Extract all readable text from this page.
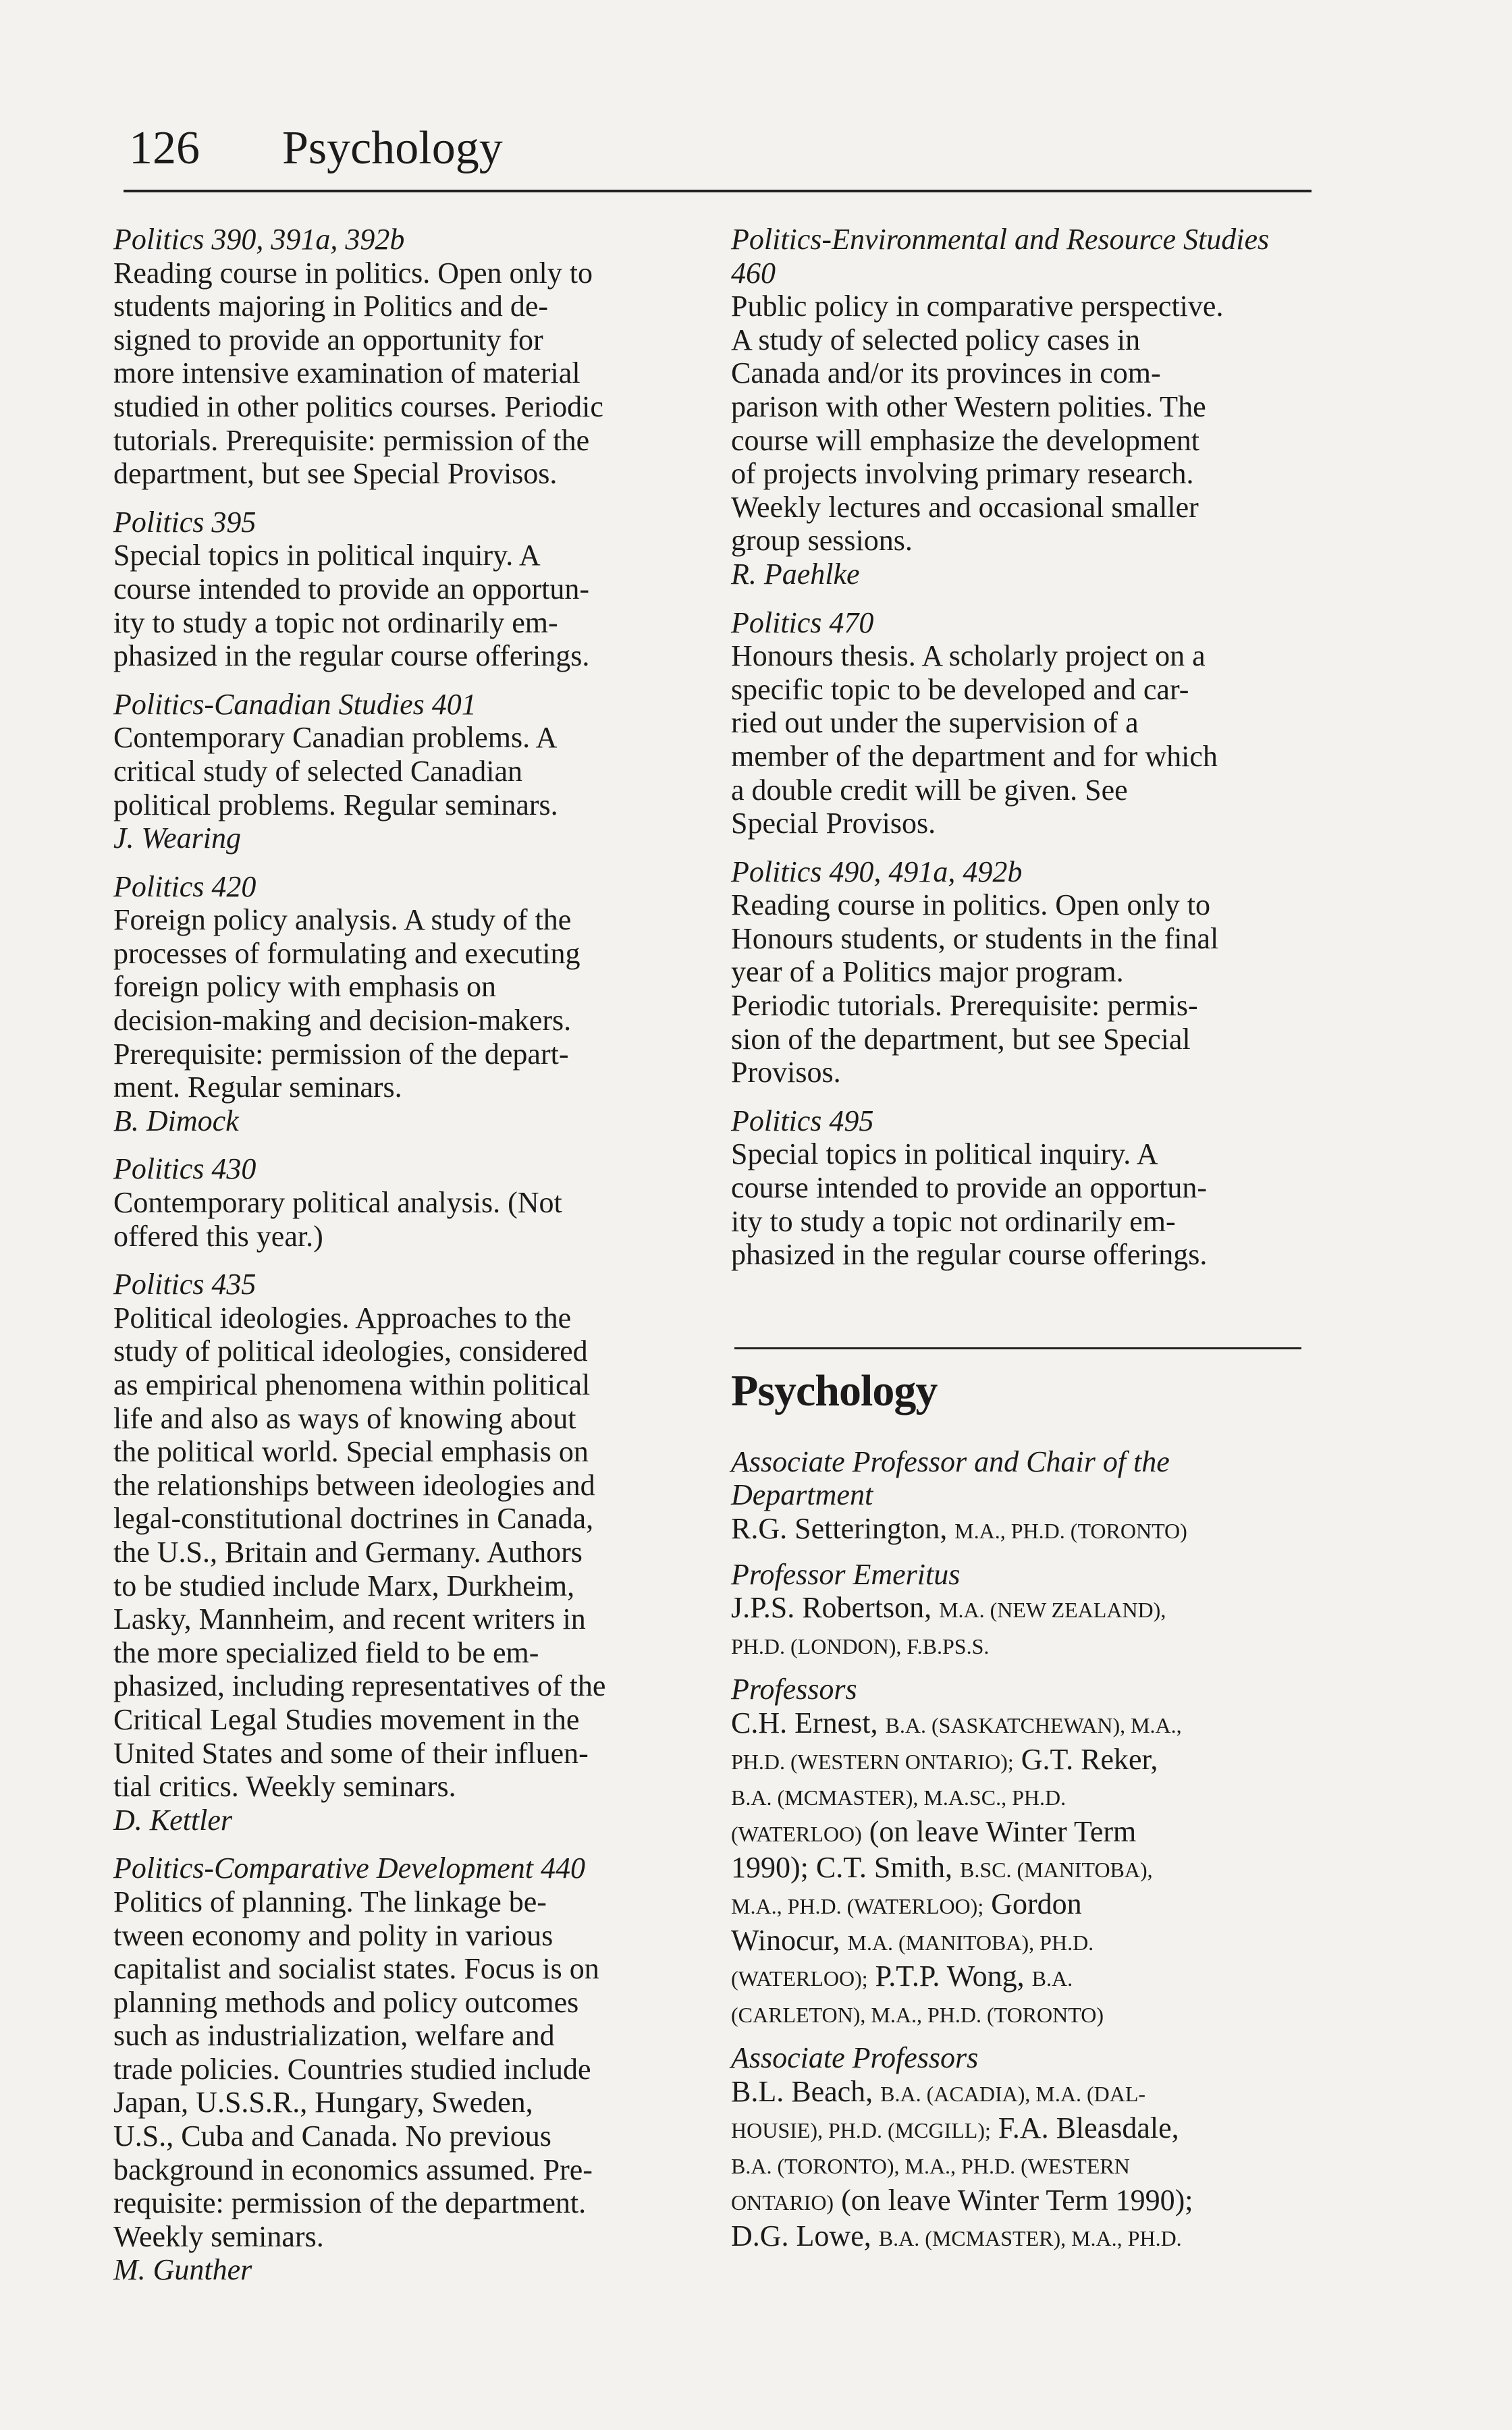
126 Psychology
Politics 390, 391a, 392b
Reading course in politics. Open only to
students majoring in Politics and de-
signed to provide an opportunity for
more intensive examination of material
studied in other politics courses. Periodic
tutorials. Prerequisite: permission of the
department, but see Special Provisos.
Politics 395
Special topics in political inquiry. A
course intended to provide an opportun-
ity to study a topic not ordinarily em-
phasized in the regular course offerings.
Politics-Canadian Studies 401
Contemporary Canadian problems. A
critical study of selected Canadian
political problems. Regular seminars.
J. Wearing
Politics 420
Foreign policy analysis. A study of the
processes of formulating and executing
foreign policy with emphasis on
decision-making and decision-makers.
Prerequisite: permission of the depart-
ment. Regular seminars.
B. Dimock
Politics 430
Contemporary political analysis. (Not
offered this year.)
Politics 435
Political ideologies. Approaches to the
study of political ideologies, considered
as empirical phenomena within political
life and also as ways of knowing about
the political world. Special emphasis on
the relationships between ideologies and
legal-constitutional doctrines in Canada,
the U.S., Britain and Germany. Authors
to be studied include Marx, Durkheim,
Lasky, Mannheim, and recent writers in
the more specialized field to be em-
phasized, including representatives of the
Critical Legal Studies movement in the
United States and some of their influen-
tial critics. Weekly seminars.
D. Kettler
Politics-Comparative Development 440
Politics of planning. The linkage be-
tween economy and polity in various
capitalist and socialist states. Focus is on
planning methods and policy outcomes
such as industrialization, welfare and
trade policies. Countries studied include
Japan, U.S.S.R., Hungary, Sweden,
U.S., Cuba and Canada. No previous
background in economics assumed. Pre-
requisite: permission of the department.
Weekly seminars.
M. Gunther
Politics-Environmental and Resource Studies 460
Public policy in comparative perspective.
A study of selected policy cases in
Canada and/or its provinces in com-
parison with other Western polities. The
course will emphasize the development
of projects involving primary research.
Weekly lectures and occasional smaller
group sessions.
R. Paehlke
Politics 470
Honours thesis. A scholarly project on a
specific topic to be developed and car-
ried out under the supervision of a
member of the department and for which
a double credit will be given. See
Special Provisos.
Politics 490, 491a, 492b
Reading course in politics. Open only to
Honours students, or students in the final
year of a Politics major program.
Periodic tutorials. Prerequisite: permis-
sion of the department, but see Special
Provisos.
Politics 495
Special topics in political inquiry. A
course intended to provide an opportun-
ity to study a topic not ordinarily em-
phasized in the regular course offerings.
Psychology
Associate Professor and Chair of the
Department
R.G. Setterington, M.A., PH.D. (TORONTO)
Professor Emeritus
J.P.S. Robertson, M.A. (NEW ZEALAND),
PH.D. (LONDON), F.B.PS.S.
Professors
C.H. Ernest, B.A. (SASKATCHEWAN), M.A.,
PH.D. (WESTERN ONTARIO); G.T. Reker,
B.A. (MCMASTER), M.A.SC., PH.D.
(WATERLOO) (on leave Winter Term
1990); C.T. Smith, B.SC. (MANITOBA),
M.A., PH.D. (WATERLOO); Gordon
Winocur, M.A. (MANITOBA), PH.D.
(WATERLOO); P.T.P. Wong, B.A.
(CARLETON), M.A., PH.D. (TORONTO)
Associate Professors
B.L. Beach, B.A. (ACADIA), M.A. (DAL-
HOUSIE), PH.D. (MCGILL); F.A. Bleasdale,
B.A. (TORONTO), M.A., PH.D. (WESTERN
ONTARIO) (on leave Winter Term 1990);
D.G. Lowe, B.A. (MCMASTER), M.A., PH.D.
